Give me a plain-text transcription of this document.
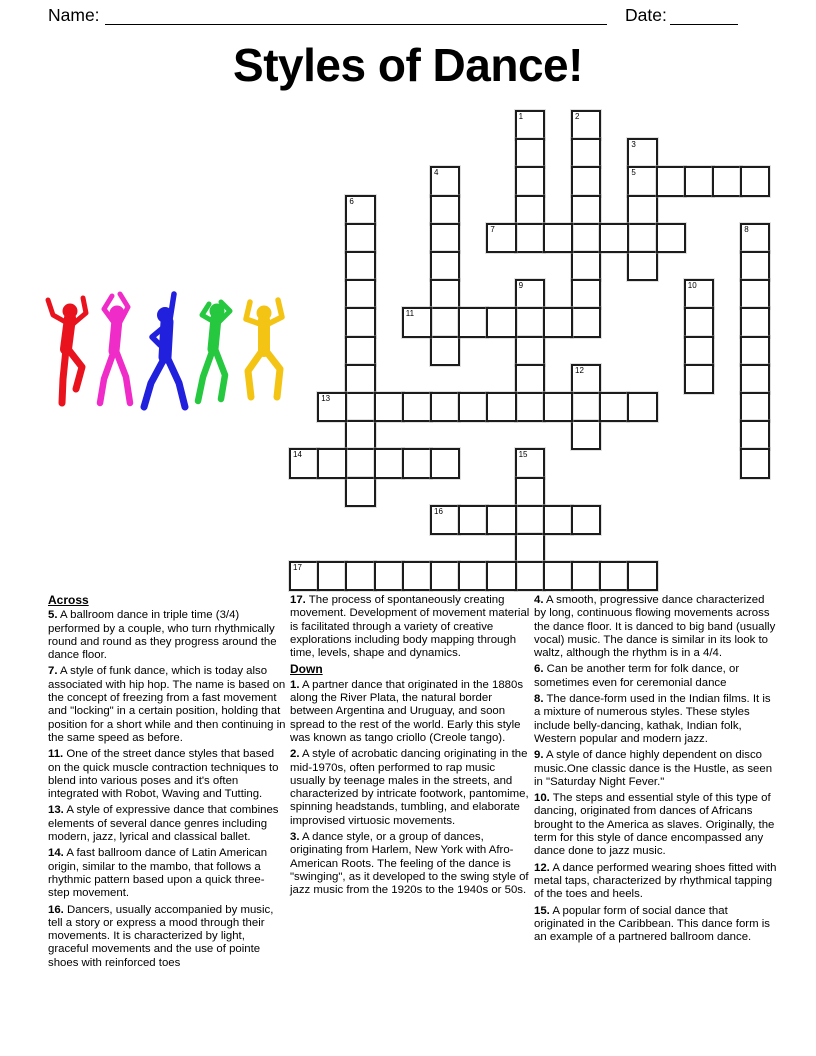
Name:	Date:
Styles of Dance!
1	2
3
5
4
6
7	8
9	10
11
12
13
14	15
16
17
Across

5. A ballroom dance in triple time (3/4) performed by a couple, who turn rhythmically round and round as they progress around the dance floor.

7. A style of funk dance, which is today also associated with hip hop. The name is based on the concept of freezing from a fast movement and "locking" in a certain position, holding that position for a short while and then continuing in the same speed as before.

11. One of the street dance styles that based on the quick muscle contraction techniques to blend into various poses and it's often integrated with Robot, Waving and Tutting.

13. A style of expressive dance that combines elements of several dance genres including modern, jazz, lyrical and classical ballet.

14. A fast ballroom dance of Latin American origin, similar to the mambo, that follows a rhythmic pattern based upon a quick three-step movement.

16. Dancers, usually accompanied by music, tell a story or express a mood through their movements. It is characterized by light, graceful movements and the use of pointe shoes with reinforced toes

17. The process of spontaneously creating movement. Development of movement material is facilitated through a variety of creative explorations including body mapping through time, levels, shape and dynamics.

Down

1. A partner dance that originated in the 1880s along the River Plata, the natural border between Argentina and Uruguay, and soon spread to the rest of the world. Early this style was known as tango criollo (Creole tango).

2. A style of acrobatic dancing originating in the mid-1970s, often performed to rap music usually by teenage males in the streets, and characterized by intricate footwork, pantomime, spinning headstands, tumbling, and elaborate improvised virtuosic movements.

3. A dance style, or a group of dances, originating from Harlem, New York with Afro-American Roots. The feeling of the dance is "swinging", as it developed to the swing style of jazz music from the 1920s to the 1940s or 50s.

4. A smooth, progressive dance characterized by long, continuous flowing movements across the dance floor. It is danced to big band (usually vocal) music. The dance is similar in its look to waltz, although the rhythm is in a 4/4.

6. Can be another term for folk dance, or sometimes even for ceremonial dance

8. The dance-form used in the Indian films. It is a mixture of numerous styles. These styles include belly-dancing, kathak, Indian folk, Western popular and modern jazz.

9. A style of dance highly dependent on disco music.One classic dance is the Hustle, as seen in "Saturday Night Fever."

10. The steps and essential style of this type of dancing, originated from dances of Africans brought to the America as slaves. Originally, the term for this style of dance encompassed any dance done to jazz music.

12. A dance performed wearing shoes fitted with metal taps, characterized by rhythmical tapping of the toes and heels.

15. A popular form of social dance that originated in the Caribbean. This dance form is an example of a partnered ballroom dance.
